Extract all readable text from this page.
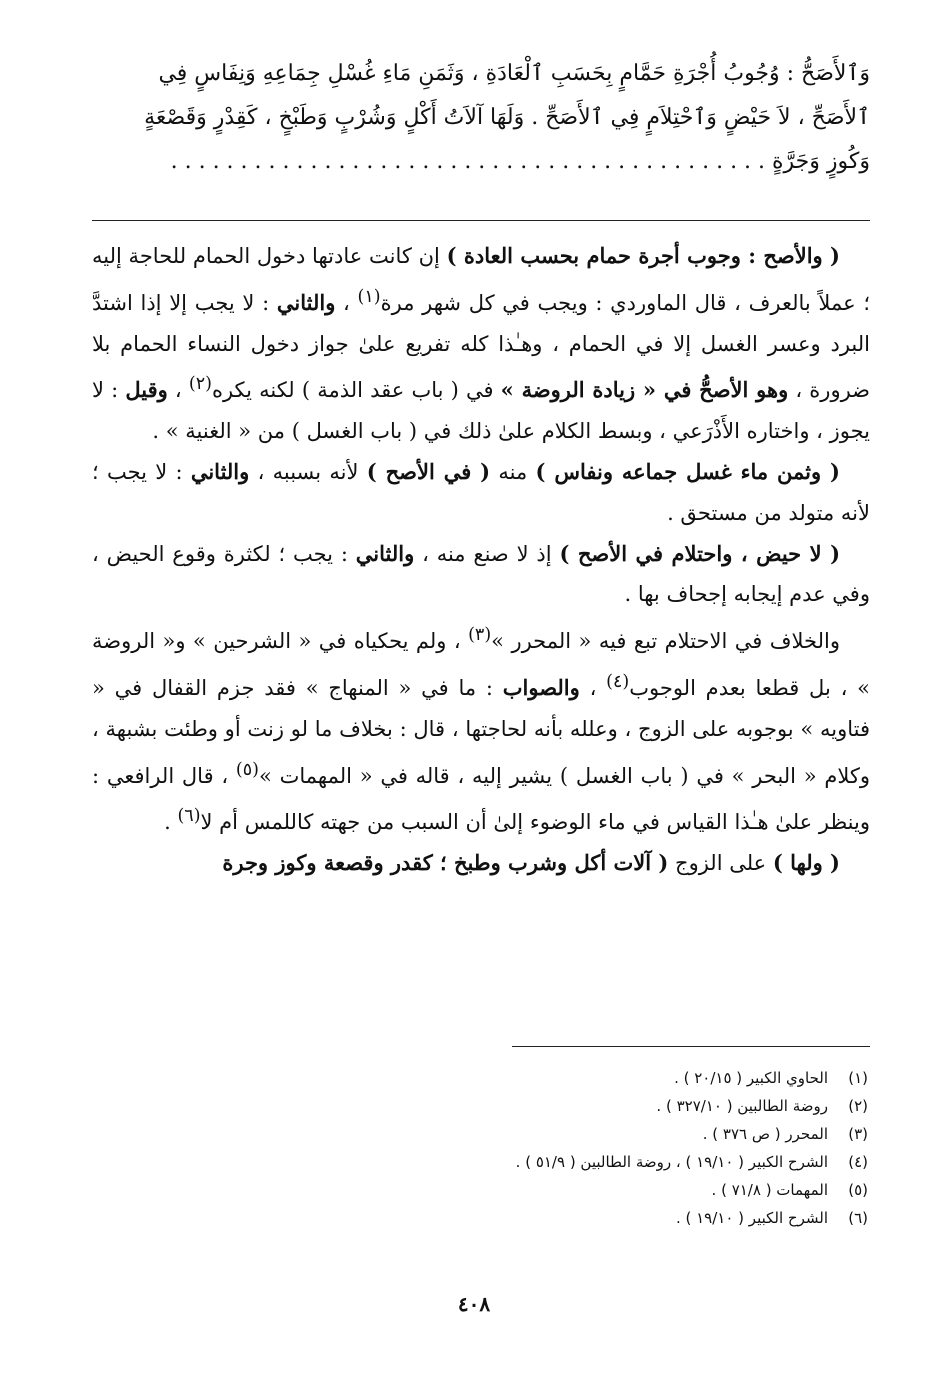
وَٱلأَصَحُّ : وُجُوبُ أُجْرَةِ حَمَّامٍ بِحَسَبِ ٱلْعَادَةِ ، وَثَمَنِ مَاءِ غُسْلِ جِمَاعِهِ وَنِفَاسٍ فِي

ٱلأَصَحِّ ، لاَ حَيْضٍ وَٱحْتِلاَمٍ فِي ٱلأَصَحِّ . وَلَهَا آلاَتُ أَكْلٍ وَشُرْبٍ وَطَبْخٍ ، كَقِدْرٍ وَقَصْعَةٍ

وَكُوزٍ وَجَرَّةٍ . . . . . . . . . . . . . . . . . . . . . . . . . . . . . . . . . . . . . . . . . . .

( والأصح : وجوب أجرة حمام بحسب العادة ) إن كانت عادتها دخول الحمام للحاجة إليه ؛ عملاً بالعرف ، قال الماوردي : ويجب في كل شهر مرة$^{(١)}$ ، والثاني : لا يجب إلا إذا اشتدَّ البرد وعسر الغسل إلا في الحمام ، وهـٰذا كله تفريع علىٰ جواز دخول النساء الحمام بلا ضرورة ، وهو الأصحُّ في « زيادة الروضة » في ( باب عقد الذمة ) لكنه يكره$^{(٢)}$ ، وقيل : لا يجوز ، واختاره الأَذْرَعي ، وبسط الكلام علىٰ ذلك في ( باب الغسل ) من « الغنية » .

( وثمن ماء غسل جماعه ونفاس ) منه ( في الأصح ) لأنه بسببه ، والثاني : لا يجب ؛ لأنه متولد من مستحق .

( لا حيض ، واحتلام في الأصح ) إذ لا صنع منه ، والثاني : يجب ؛ لكثرة وقوع الحيض ، وفي عدم إيجابه إجحاف بها .

والخلاف في الاحتلام تبع فيه « المحرر »$^{(٣)}$ ، ولم يحكياه في « الشرحين » و« الروضة » ، بل قطعا بعدم الوجوب$^{(٤)}$ ، والصواب : ما في « المنهاج » فقد جزم القفال في « فتاويه » بوجوبه على الزوج ، وعلله بأنه لحاجتها ، قال : بخلاف ما لو زنت أو وطئت بشبهة ، وكلام « البحر » في ( باب الغسل ) يشير إليه ، قاله في « المهمات »$^{(٥)}$ ، قال الرافعي : وينظر علىٰ هـٰذا القياس في ماء الوضوء إلىٰ أن السبب من جهته كاللمس أم لا$^{(٦)}$ .

( ولها ) على الزوج ( آلات أكل وشرب وطبخ ؛ كقدر وقصعة وكوز وجرة

(١)
الحاوي الكبير ( ٢٠/١٥ ) .
(٢)
روضة الطالبين ( ٣٢٧/١٠ ) .
(٣)
المحرر ( ص ٣٧٦ ) .
(٤)
الشرح الكبير ( ١٩/١٠ ) ، روضة الطالبين ( ٥١/٩ ) .
(٥)
المهمات ( ٧١/٨ ) .
(٦)
الشرح الكبير ( ١٩/١٠ ) .
٤٠٨
